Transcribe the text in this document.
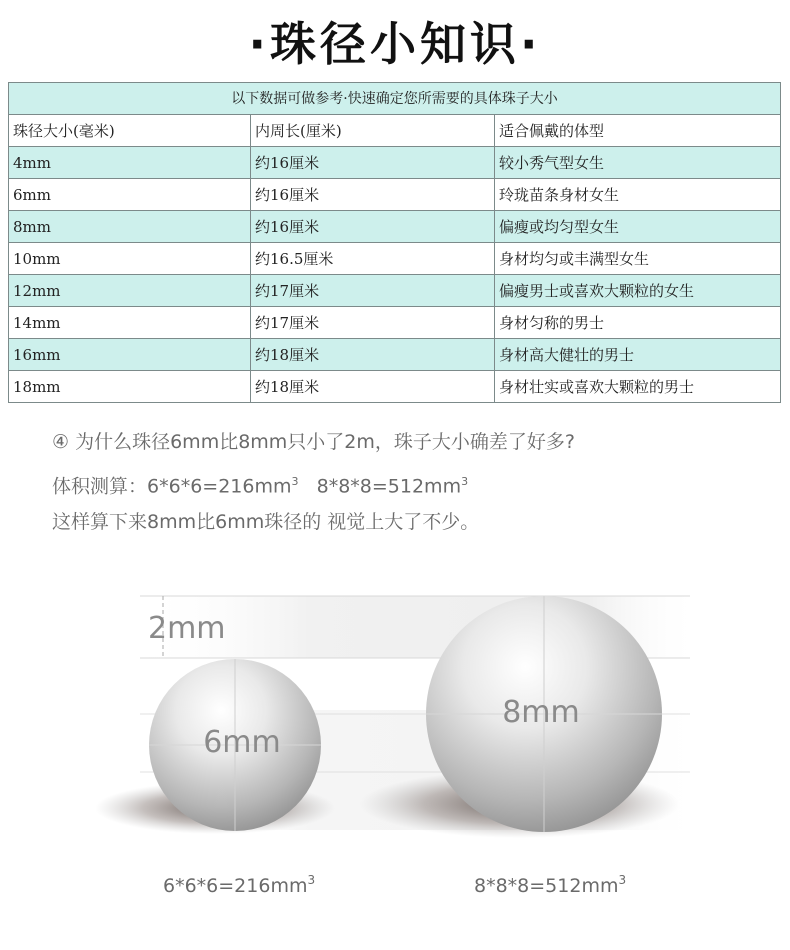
·珠径小知识·
以下数据可做参考·快速确定您所需要的具体珠子大小		
珠径大小(毫米)	内周长(厘米)	适合佩戴的体型
4mm	约16厘米	较小秀气型女生
6mm	约16厘米	玲珑苗条身材女生
8mm	约16厘米	偏瘦或均匀型女生
10mm	约16.5厘米	身材均匀或丰满型女生
12mm	约17厘米	偏瘦男士或喜欢大颗粒的女生
14mm	约17厘米	身材匀称的男士
16mm	约18厘米	身材高大健壮的男士
18mm	约18厘米	身材壮实或喜欢大颗粒的男士
④ 为什么珠径6mm比8mm只小了2m，珠子大小确差了好多?
体积测算：$6*6*6=216mm^3$ $8*8*8=512mm^3$
这样算下来8mm比6mm珠径的 视觉上大了不少。
2mm
6mm
8mm
$6*6*6=216mm^3$	$8*8*8=512mm^3$
